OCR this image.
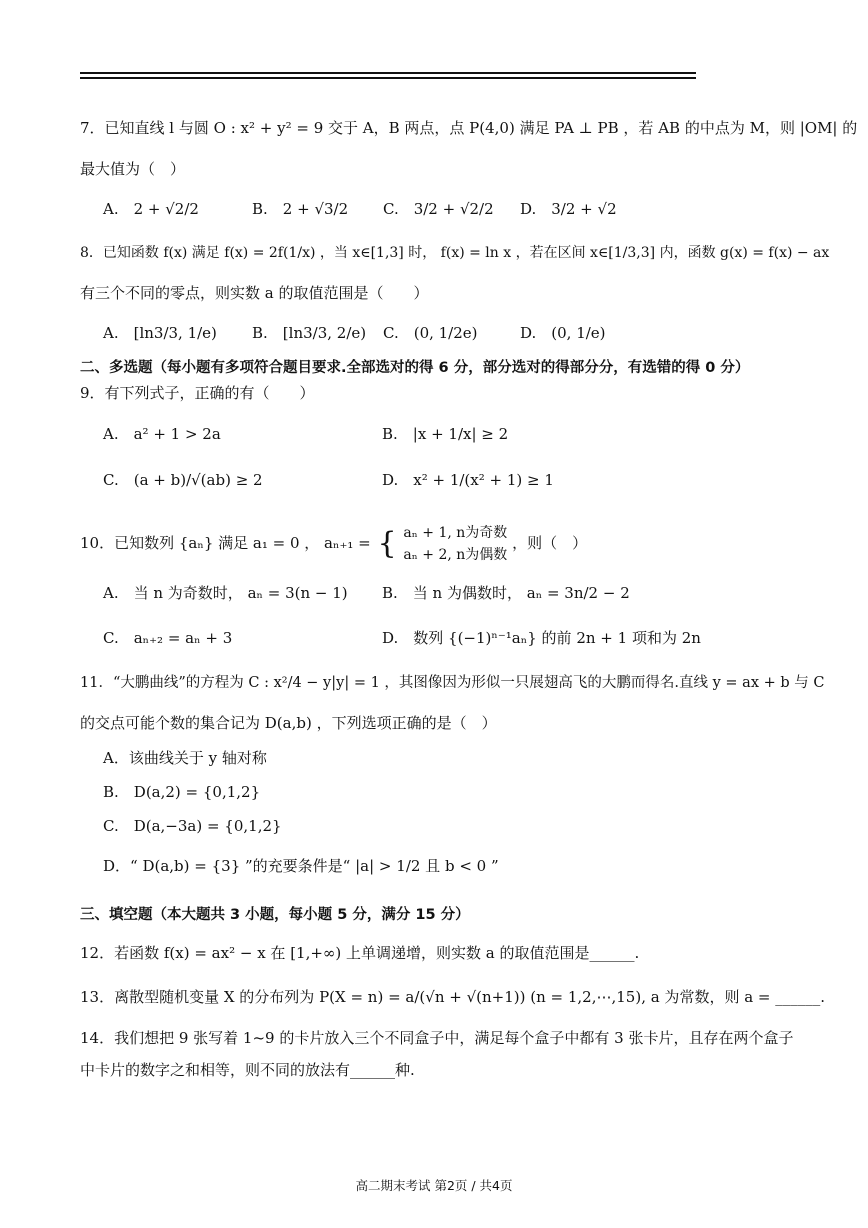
7．已知直线 l 与圆 O : x² + y² = 9 交于 A，B 两点，点 P(4,0) 满足 PA ⊥ PB ，若 AB 的中点为 M，则 |OM| 的
最大值为（　）
A.　2 + √2/2	B.　2 + √3/2 C.　3/2 + √2/2 D.　3/2 + √2
8．已知函数 f(x) 满足 f(x) = 2f(1/x) ，当 x∈[1,3] 时， f(x) = ln x ，若在区间 x∈[1/3,3] 内，函数 g(x) = f(x) − ax
有三个不同的零点，则实数 a 的取值范围是（　　）
A.　[ln3/3, 1/e) B.　[ln3/3, 2/e) C.　(0, 1/2e)	D.　(0, 1/e)
二、多选题（每小题有多项符合题目要求.全部选对的得 6 分，部分选对的得部分分，有选错的得 0 分）
9．有下列式子，正确的有（　　）
A.　a² + 1 > 2a	B.　|x + 1/x| ≥ 2
C.　(a + b)/√(ab) ≥ 2	D.　x² + 1/(x² + 1) ≥ 1
10．已知数列 {aₙ} 满足 a₁ = 0 ， aₙ₊₁ = { aₙ + 1, n为奇数
aₙ + 2, n为偶数
，则（　）
A.　当 n 为奇数时， aₙ = 3(n − 1) B.　当 n 为偶数时， aₙ = 3n/2 − 2
C.　aₙ₊₂ = aₙ + 3	D.　数列 {(−1)ⁿ⁻¹aₙ} 的前 2n + 1 项和为 2n
11．“大鹏曲线”的方程为 C : x²/4 − y|y| = 1 ，其图像因为形似一只展翅高飞的大鹏而得名.直线 y = ax + b 与 C
的交点可能个数的集合记为 D(a,b) ，下列选项正确的是（　）
A．该曲线关于 y 轴对称
B.　D(a,2) = {0,1,2}
C.　D(a,−3a) = {0,1,2}
D．“ D(a,b) = {3} ”的充要条件是“ |a| > 1/2 且 b < 0 ”
三、填空题（本大题共 3 小题，每小题 5 分，满分 15 分）
12．若函数 f(x) = ax² − x 在 [1,+∞) 上单调递增，则实数 a 的取值范围是______.
13．离散型随机变量 X 的分布列为 P(X = n) = a/(√n + √(n+1)) (n = 1,2,⋯,15), a 为常数，则 a = ______.
14．我们想把 9 张写着 1~9 的卡片放入三个不同盒子中，满足每个盒子中都有 3 张卡片，且存在两个盒子
中卡片的数字之和相等，则不同的放法有______种.
高二期末考试 第2页 / 共4页
